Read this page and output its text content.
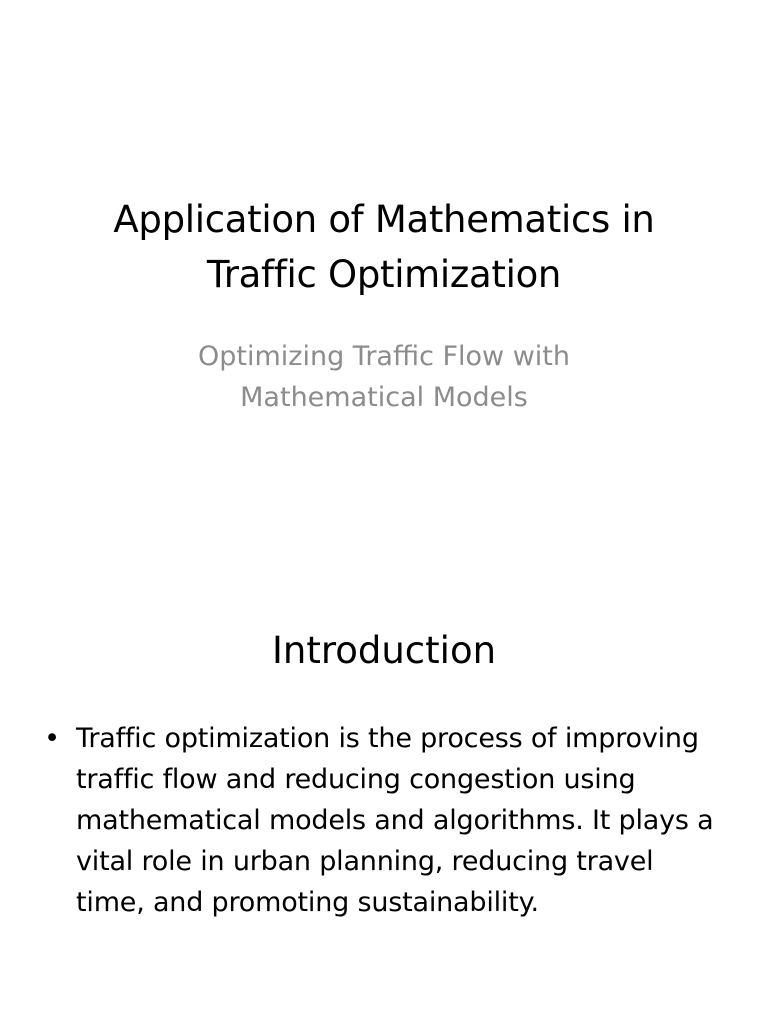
Application of Mathematics in Traffic Optimization
Optimizing Traffic Flow with Mathematical Models
Introduction
• Traffic optimization is the process of improving traffic flow and reducing congestion using mathematical models and algorithms. It plays a vital role in urban planning, reducing travel time, and promoting sustainability.
